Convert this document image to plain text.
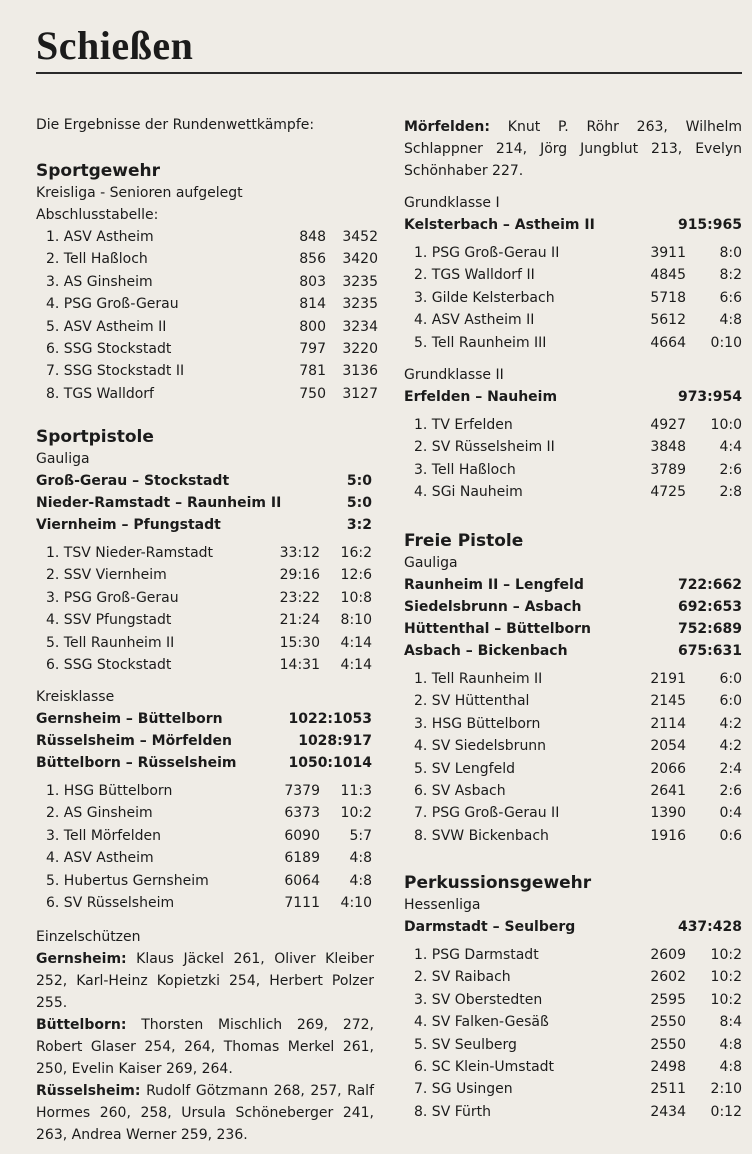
Schießen
Die Ergebnisse der Rundenwettkämpfe:
Sportgewehr
Kreisliga - Senioren aufgelegt
Abschlusstabelle:
1. ASV Astheim	848	3452
2. Tell Haßloch	856	3420
3. AS Ginsheim	803	3235
4. PSG Groß-Gerau	814	3235
5. ASV Astheim II	800	3234
6. SSG Stockstadt	797	3220
7. SSG Stockstadt II	781	3136
8. TGS Walldorf	750	3127
Sportpistole
Gauliga
Groß-Gerau – Stockstadt	5:0
Nieder-Ramstadt – Raunheim II	5:0
Viernheim – Pfungstadt	3:2
1. TSV Nieder-Ramstadt	33:12	16:2
2. SSV Viernheim	29:16	12:6
3. PSG Groß-Gerau	23:22	10:8
4. SSV Pfungstadt	21:24	8:10
5. Tell Raunheim II	15:30	4:14
6. SSG Stockstadt	14:31	4:14
Kreisklasse
Gernsheim – Büttelborn	1022:1053
Rüsselsheim – Mörfelden	1028:917
Büttelborn – Rüsselsheim	1050:1014
1. HSG Büttelborn	7379	11:3
2. AS Ginsheim	6373	10:2
3. Tell Mörfelden	6090	5:7
4. ASV Astheim	6189	4:8
5. Hubertus Gernsheim	6064	4:8
6. SV Rüsselsheim	7111	4:10
Einzelschützen
Gernsheim: Klaus Jäckel 261, Oliver Kleiber 252, Karl-Heinz Kopietzki 254, Herbert Polzer 255.
Büttelborn: Thorsten Mischlich 269, 272, Robert Glaser 254, 264, Thomas Merkel 261, 250, Evelin Kaiser 269, 264.
Rüsselsheim: Rudolf Götzmann 268, 257, Ralf Hormes 260, 258, Ursula Schöneberger 241, 263, Andrea Werner 259, 236.
Mörfelden: Knut P. Röhr 263, Wilhelm Schlappner 214, Jörg Jungblut 213, Evelyn Schönhaber 227.
Grundklasse I
Kelsterbach – Astheim II	915:965
1. PSG Groß-Gerau II	3911	8:0
2. TGS Walldorf II	4845	8:2
3. Gilde Kelsterbach	5718	6:6
4. ASV Astheim II	5612	4:8
5. Tell Raunheim III	4664	0:10
Grundklasse II
Erfelden – Nauheim	973:954
1. TV Erfelden	4927	10:0
2. SV Rüsselsheim II	3848	4:4
3. Tell Haßloch	3789	2:6
4. SGi Nauheim	4725	2:8
Freie Pistole
Gauliga
Raunheim II – Lengfeld	722:662
Siedelsbrunn – Asbach	692:653
Hüttenthal – Büttelborn	752:689
Asbach – Bickenbach	675:631
1. Tell Raunheim II	2191	6:0
2. SV Hüttenthal	2145	6:0
3. HSG Büttelborn	2114	4:2
4. SV Siedelsbrunn	2054	4:2
5. SV Lengfeld	2066	2:4
6. SV Asbach	2641	2:6
7. PSG Groß-Gerau II	1390	0:4
8. SVW Bickenbach	1916	0:6
Perkussionsgewehr
Hessenliga
Darmstadt – Seulberg	437:428
1. PSG Darmstadt	2609	10:2
2. SV Raibach	2602	10:2
3. SV Oberstedten	2595	10:2
4. SV Falken-Gesäß	2550	8:4
5. SV Seulberg	2550	4:8
6. SC Klein-Umstadt	2498	4:8
7. SG Usingen	2511	2:10
8. SV Fürth	2434	0:12
